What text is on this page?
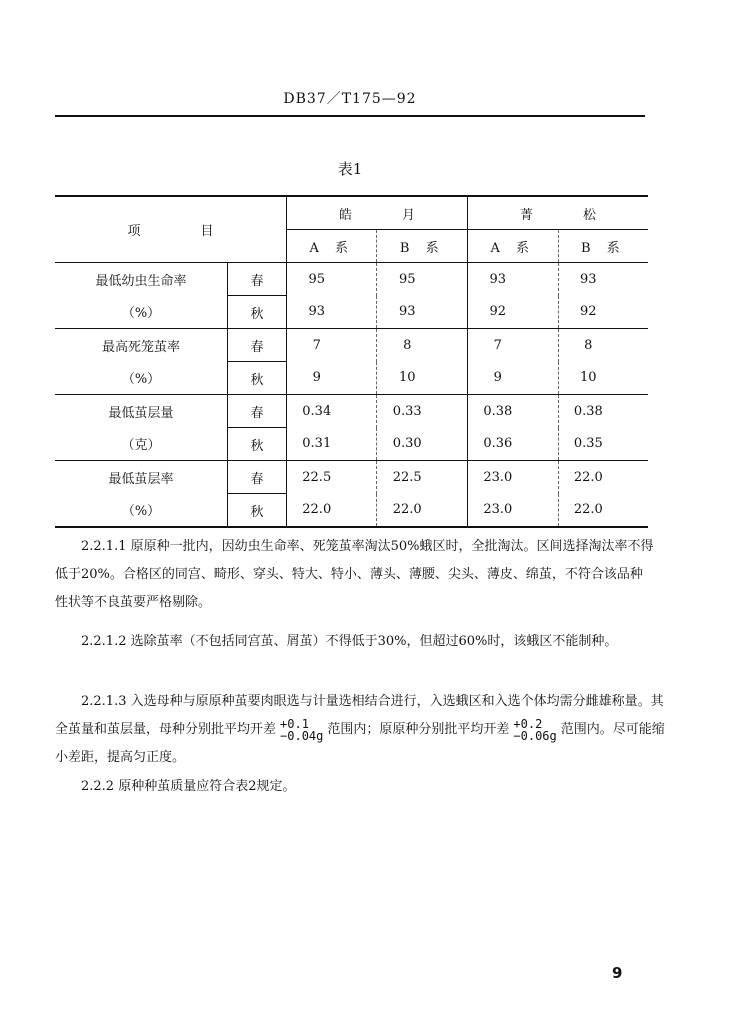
DB37／T175—92
表1
项目		皓月		菁松	
		A 系	B 系	A 系	B 系
最低幼虫生命率	春	95	95	93	93
（%）	秋	93	93	92	92
最高死笼茧率	春	7	8	7	8
（%）	秋	9	10	9	10
最低茧层量	春	0.34	0.33	0.38	0.38
（克）	秋	0.31	0.30	0.36	0.35
最低茧层率	春	22.5	22.5	23.0	22.0
（%）	秋	22.0	22.0	23.0	22.0

2.2.1.1 原原种一批内，因幼虫生命率、死笼茧率淘汰50%蛾区时，全批淘汰。区间选择淘汰率不得低于20%。合格区的同宫、畸形、穿头、特大、特小、薄头、薄腰、尖头、薄皮、绵茧，不符合该品种性状等不良茧要严格剔除。

2.2.1.2 选除茧率（不包括同宫茧、屑茧）不得低于30%，但超过60%时，该蛾区不能制种。

2.2.1.3 入选母种与原原种茧要肉眼选与计量选相结合进行，入选蛾区和入选个体均需分雌雄称量。其全茧量和茧层量，母种分别批平均开差 +0.1
−0.04g 范围内；原原种分别批平均开差 +0.2
−0.06g 范围内。尽可能缩小差距，提高匀正度。

2.2.2 原种种茧质量应符合表2规定。

9
